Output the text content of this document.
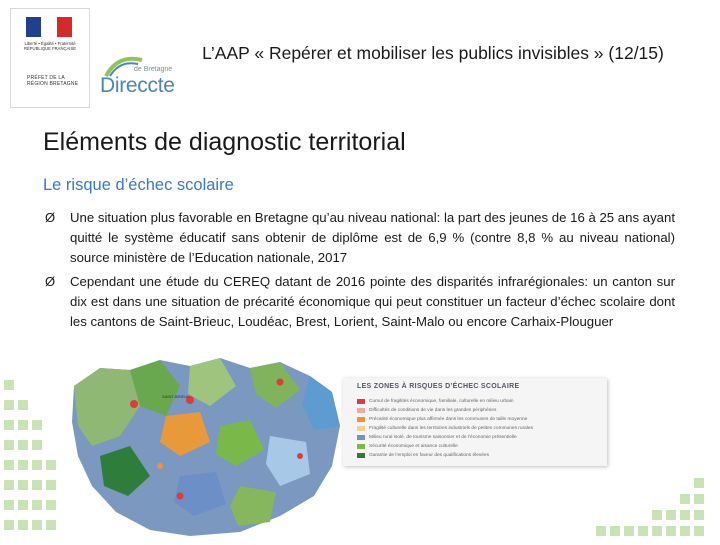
Liberté • Égalité • Fraternité RÉPUBLIQUE FRANÇAISE
PRÉFET DE LA RÉGION BRETAGNE
de Bretagne
Direccte
L’AAP « Repérer et mobiliser les publics invisibles » (12/15)
Eléments de diagnostic territorial
Le risque d’échec scolaire
Ø	Une situation plus favorable en Bretagne qu’au niveau national: la part des jeunes de 16 à 25 ans ayant quitté le système éducatif sans obtenir de diplôme est de 6,9 % (contre 8,8 % au niveau national) source ministère de l’Education nationale, 2017
Ø	Cependant une étude du CEREQ datant de 2016 pointe des disparités infrarégionales: un canton sur dix est dans une situation de précarité économique qui peut constituer un facteur d’échec scolaire dont les cantons de Saint-Brieuc, Loudéac, Brest, Lorient, Saint-Malo ou encore Carhaix-Plouguer
SAINT-BRIEUC
LES ZONES À RISQUES D’ÉCHEC SCOLAIRE
Cumul de fragilités économique, familiale, culturelle en milieu urbain
Difficultés de conditions de vie dans les grandes périphéries
Précarité économique plus affirmée dans les communes de taille moyenne
Fragilité culturelle dans les territoires industriels de petites communes rurales
Milieu rural isolé, de tourisme saisonnier et de l’économie présentielle
Sécurité économique et aisance culturelle
Garantie de l’emploi en faveur des qualifications élevées
